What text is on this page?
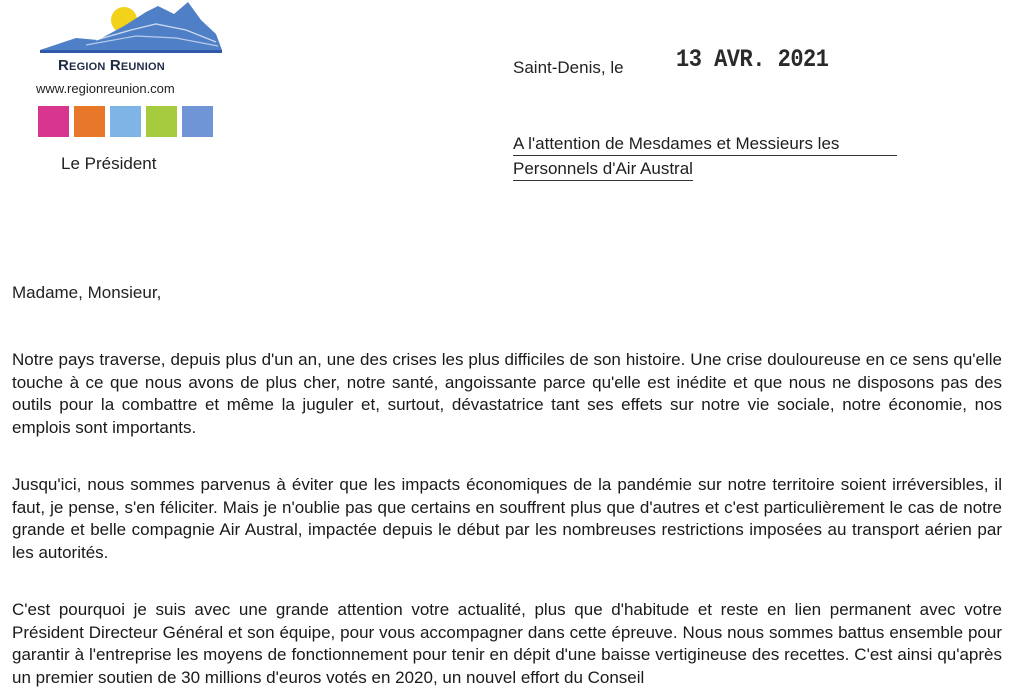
Region Reunion
www.regionreunion.com
Le Président
Saint-Denis, le 13 AVR. 2021
A l'attention de Mesdames et Messieurs les
Personnels d'Air Austral
Madame, Monsieur,

Notre pays traverse, depuis plus d'un an, une des crises les plus difficiles de son histoire. Une crise douloureuse en ce sens qu'elle touche à ce que nous avons de plus cher, notre santé, angoissante parce qu'elle est inédite et que nous ne disposons pas des outils pour la combattre et même la juguler et, surtout, dévastatrice tant ses effets sur notre vie sociale, notre économie, nos emplois sont importants.

Jusqu'ici, nous sommes parvenus à éviter que les impacts économiques de la pandémie sur notre territoire soient irréversibles, il faut, je pense, s'en féliciter. Mais je n'oublie pas que certains en souffrent plus que d'autres et c'est particulièrement le cas de notre grande et belle compagnie Air Austral, impactée depuis le début par les nombreuses restrictions imposées au transport aérien par les autorités.

C'est pourquoi je suis avec une grande attention votre actualité, plus que d'habitude et reste en lien permanent avec votre Président Directeur Général et son équipe, pour vous accompagner dans cette épreuve. Nous nous sommes battus ensemble pour garantir à l'entreprise les moyens de fonctionnement pour tenir en dépit d'une baisse vertigineuse des recettes. C'est ainsi qu'après un premier soutien de 30 millions d'euros votés en 2020, un nouvel effort du Conseil
